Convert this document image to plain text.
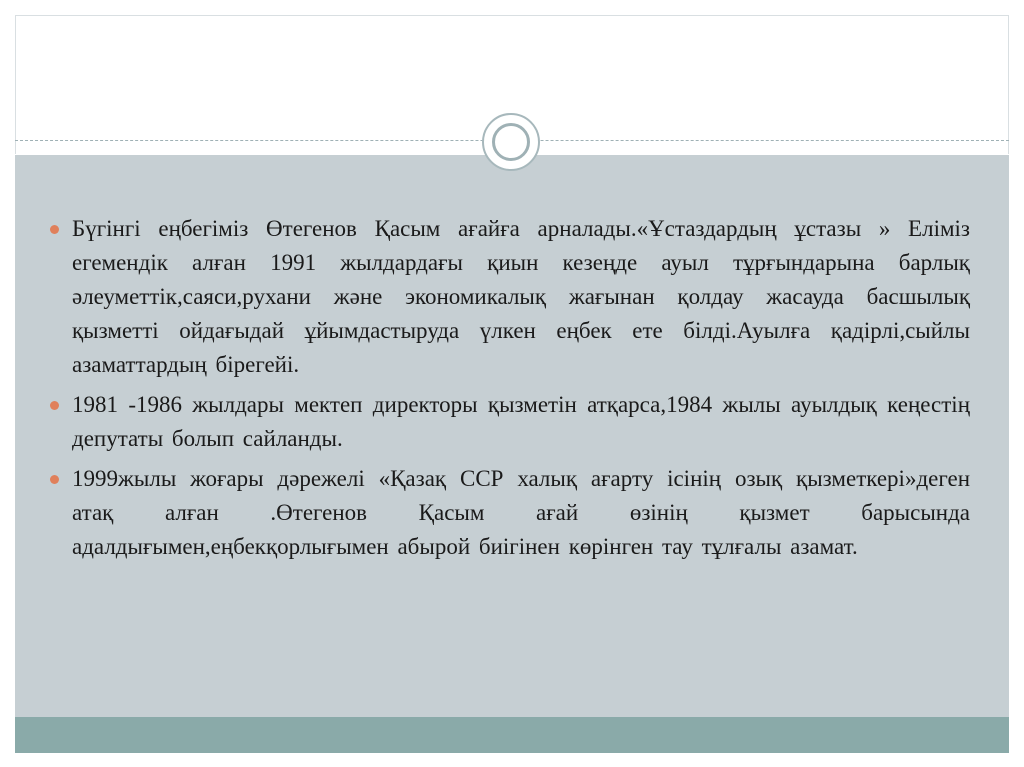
Бүгінгі еңбегіміз Өтегенов Қасым ағайға арналады.«Ұстаздардың ұстазы » Еліміз егемендік алған 1991 жылдардағы қиын кезеңде ауыл тұрғындарына барлық әлеуметтік,саяси,рухани және экономикалық жағынан қолдау жасауда басшылық қызметті ойдағыдай ұйымдастыруда үлкен еңбек ете білді.Ауылға қадірлі,сыйлы азаматтардың бірегейі.
1981 -1986 жылдары мектеп директоры қызметін атқарса,1984 жылы ауылдық кеңестің депутаты болып сайланды.
1999жылы жоғары дәрежелі «Қазақ ССР халық ағарту ісінің озық қызметкері»деген атақ алған .Өтегенов Қасым ағай өзінің қызмет барысында адалдығымен,еңбекқорлығымен абырой биігінен көрінген тау тұлғалы азамат.
